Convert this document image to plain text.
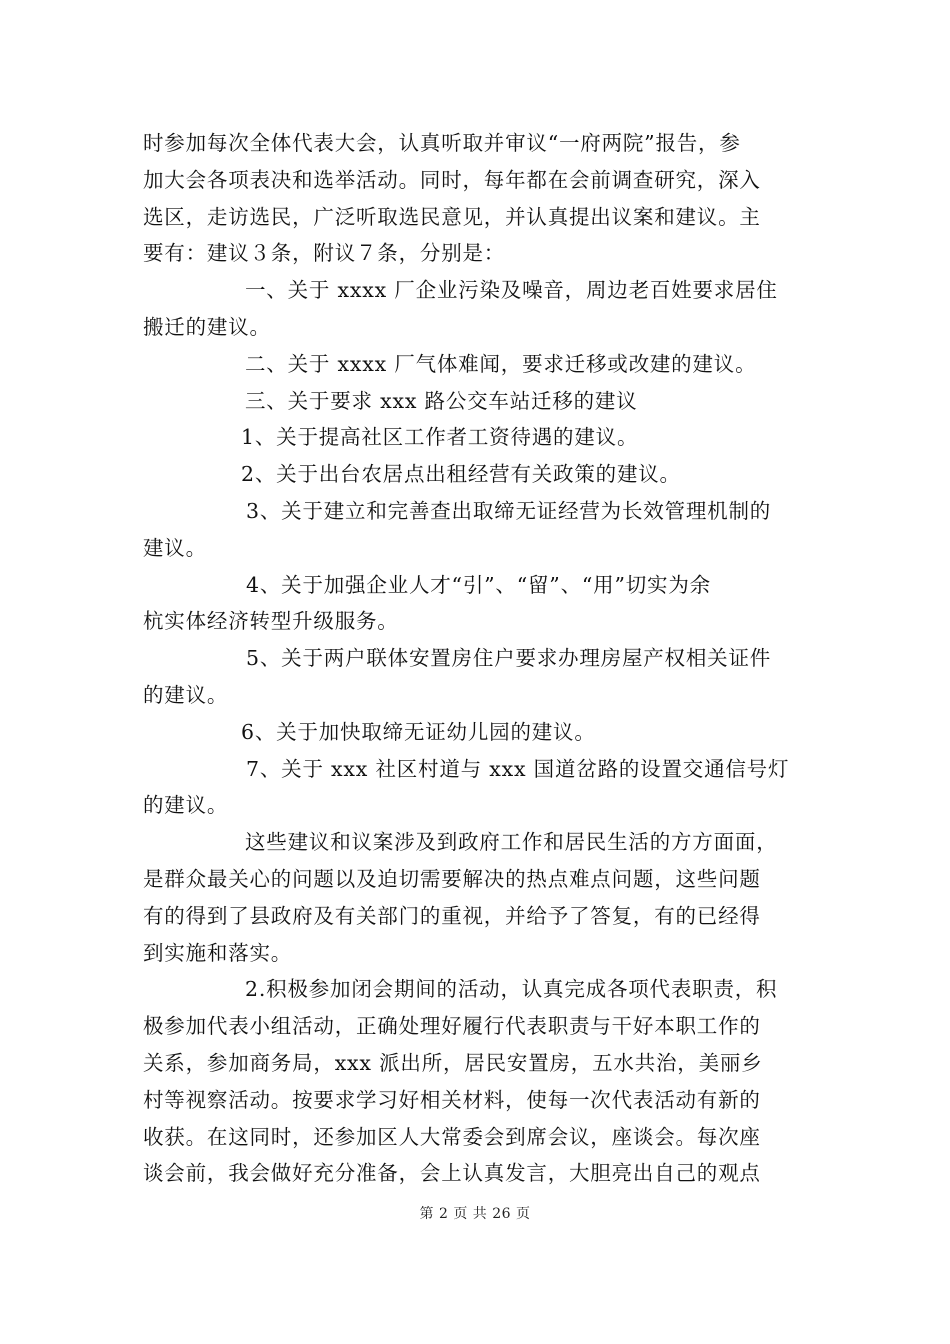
时参加每次全体代表大会，认真听取并审议“一府两院”报告，参
加大会各项表决和选举活动。同时，每年都在会前调查研究，深入
选区，走访选民，广泛听取选民意见，并认真提出议案和建议。主
要有：建议３条，附议７条，分别是：
一、关于 xxxx 厂企业污染及噪音，周边老百姓要求居住
搬迁的建议。
二、关于 xxxx 厂气体难闻，要求迁移或改建的建议。
三、关于要求 xxx 路公交车站迁移的建议
1、关于提高社区工作者工资待遇的建议。
2、关于出台农居点出租经营有关政策的建议。
3、关于建立和完善查出取缔无证经营为长效管理机制的
建议。
4、关于加强企业人才“引”、“留”、“用”切实为余
杭实体经济转型升级服务。
5、关于两户联体安置房住户要求办理房屋产权相关证件
的建议。
6、关于加快取缔无证幼儿园的建议。
7、关于 xxx 社区村道与 xxx 国道岔路的设置交通信号灯
的建议。
这些建议和议案涉及到政府工作和居民生活的方方面面，
是群众最关心的问题以及迫切需要解决的热点难点问题，这些问题
有的得到了县政府及有关部门的重视，并给予了答复，有的已经得
到实施和落实。
2.积极参加闭会期间的活动，认真完成各项代表职责，积
极参加代表小组活动，正确处理好履行代表职责与干好本职工作的
关系，参加商务局，xxx 派出所，居民安置房，五水共治，美丽乡
村等视察活动。按要求学习好相关材料，使每一次代表活动有新的
收获。在这同时，还参加区人大常委会到席会议，座谈会。每次座
谈会前，我会做好充分准备，会上认真发言，大胆亮出自己的观点
第 2 页 共 26 页
